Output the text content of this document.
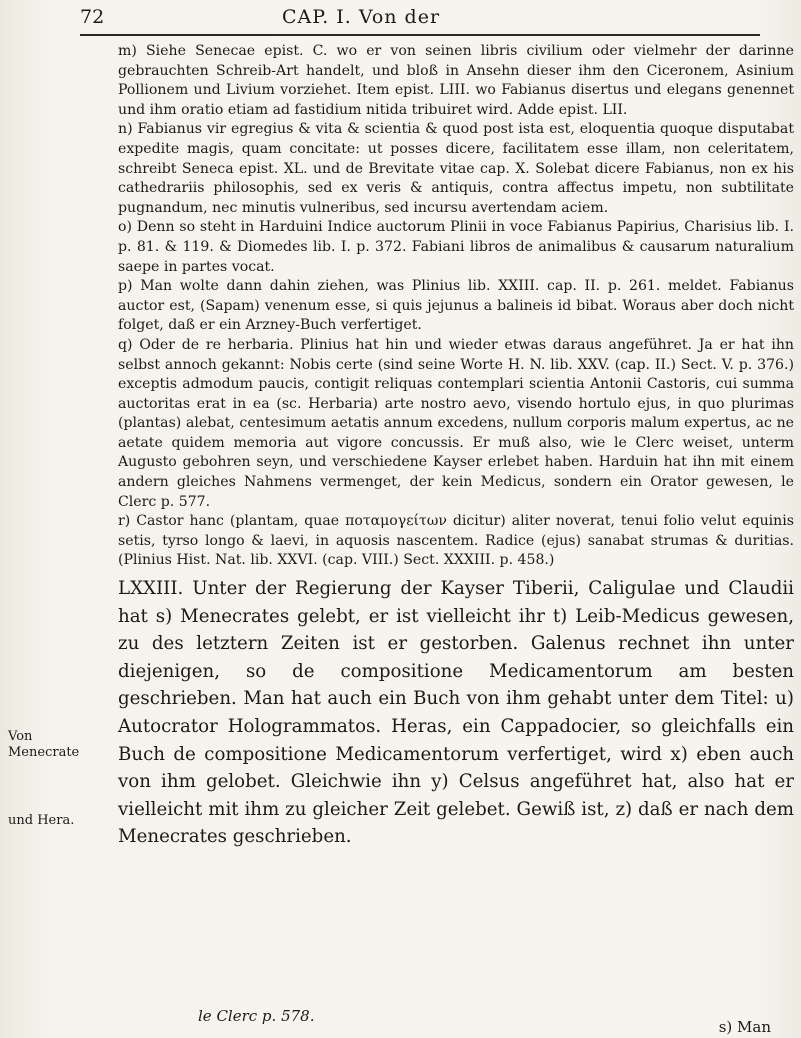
72	CAP. I. Von der
Von Menecrate
und Hera.

m) Siehe Senecae epist. C. wo er von seinen libris civilium oder vielmehr der darinne gebrauchten Schreib-Art handelt, und bloß in Ansehn dieser ihm den Ciceronem, Asinium Pollionem und Livium vorziehet. Item epist. LIII. wo Fabianus disertus und elegans genennet und ihm oratio etiam ad fastidium nitida tribuiret wird. Adde epist. LII.

n) Fabianus vir egregius & vita & scientia & quod post ista est, eloquentia quoque disputabat expedite magis, quam concitate: ut posses dicere, facilitatem esse illam, non celeritatem, schreibt Seneca epist. XL. und de Brevitate vitae cap. X. Solebat dicere Fabianus, non ex his cathedrariis philosophis, sed ex veris & antiquis, contra affectus impetu, non subtilitate pugnandum, nec minutis vulneribus, sed incursu avertendam aciem.

o) Denn so steht in Harduini Indice auctorum Plinii in voce Fabianus Papirius, Charisius lib. I. p. 81. & 119. & Diomedes lib. I. p. 372. Fabiani libros de animalibus & causarum naturalium saepe in partes vocat.

p) Man wolte dann dahin ziehen, was Plinius lib. XXIII. cap. II. p. 261. meldet. Fabianus auctor est, (Sapam) venenum esse, si quis jejunus a balineis id bibat. Woraus aber doch nicht folget, daß er ein Arzney-Buch verfertiget.

q) Oder de re herbaria. Plinius hat hin und wieder etwas daraus angeführet. Ja er hat ihn selbst annoch gekannt: Nobis certe (sind seine Worte H. N. lib. XXV. (cap. II.) Sect. V. p. 376.) exceptis admodum paucis, contigit reliquas contemplari scientia Antonii Castoris, cui summa auctoritas erat in ea (sc. Herbaria) arte nostro aevo, visendo hortulo ejus, in quo plurimas (plantas) alebat, centesimum aetatis annum excedens, nullum corporis malum expertus, ac ne aetate quidem memoria aut vigore concussis. Er muß also, wie le Clerc weiset, unterm Augusto gebohren seyn, und verschiedene Kayser erlebet haben. Harduin hat ihn mit einem andern gleiches Nahmens vermenget, der kein Medicus, sondern ein Orator gewesen, le Clerc p. 577.

r) Castor hanc (plantam, quae ποταμογείτων dicitur) aliter noverat, tenui folio velut equinis setis, tyrso longo & laevi, in aquosis nascentem. Radice (ejus) sanabat strumas & duritias. (Plinius Hist. Nat. lib. XXVI. (cap. VIII.) Sect. XXXIII. p. 458.)

LXXIII. Unter der Regierung der Kayser Tiberii, Caligulae und Claudii hat s) Menecrates gelebt, er ist vielleicht ihr t) Leib-Medicus gewesen, zu des letztern Zeiten ist er gestorben. Galenus rechnet ihn unter diejenigen, so de compositione Medicamentorum am besten geschrieben. Man hat auch ein Buch von ihm gehabt unter dem Titel: u) Autocrator Hologrammatos. Heras, ein Cappadocier, so gleichfalls ein Buch de compositione Medicamentorum verfertiget, wird x) eben auch von ihm gelobet. Gleichwie ihn y) Celsus angeführet hat, also hat er vielleicht mit ihm zu gleicher Zeit gelebet. Gewiß ist, z) daß er nach dem Menecrates geschrieben.

le Clerc p. 578.
s) Man
